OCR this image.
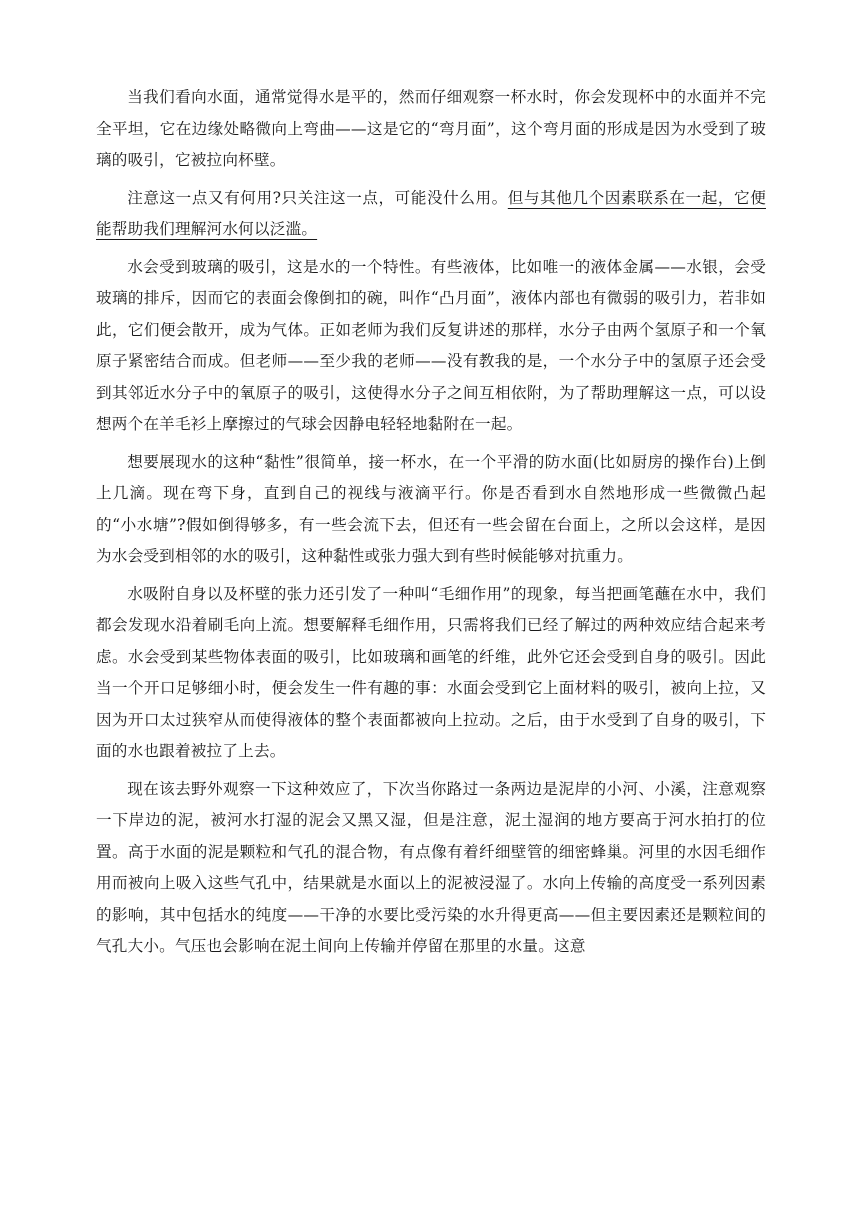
当我们看向水面，通常觉得水是平的，然而仔细观察一杯水时，你会发现杯中的水面并不完全平坦，它在边缘处略微向上弯曲——这是它的“弯月面”，这个弯月面的形成是因为水受到了玻璃的吸引，它被拉向杯壁。

注意这一点又有何用?只关注这一点，可能没什么用。但与其他几个因素联系在一起，它便能帮助我们理解河水何以泛滥。

水会受到玻璃的吸引，这是水的一个特性。有些液体，比如唯一的液体金属——水银，会受玻璃的排斥，因而它的表面会像倒扣的碗，叫作“凸月面”，液体内部也有微弱的吸引力，若非如此，它们便会散开，成为气体。正如老师为我们反复讲述的那样，水分子由两个氢原子和一个氧原子紧密结合而成。但老师——至少我的老师——没有教我的是，一个水分子中的氢原子还会受到其邻近水分子中的氧原子的吸引，这使得水分子之间互相依附，为了帮助理解这一点，可以设想两个在羊毛衫上摩擦过的气球会因静电轻轻地黏附在一起。

想要展现水的这种“黏性”很简单，接一杯水，在一个平滑的防水面(比如厨房的操作台)上倒上几滴。现在弯下身，直到自己的视线与液滴平行。你是否看到水自然地形成一些微微凸起的“小水塘”?假如倒得够多，有一些会流下去，但还有一些会留在台面上，之所以会这样，是因为水会受到相邻的水的吸引，这种黏性或张力强大到有些时候能够对抗重力。

水吸附自身以及杯壁的张力还引发了一种叫“毛细作用”的现象，每当把画笔蘸在水中，我们都会发现水沿着刷毛向上流。想要解释毛细作用，只需将我们已经了解过的两种效应结合起来考虑。水会受到某些物体表面的吸引，比如玻璃和画笔的纤维，此外它还会受到自身的吸引。因此当一个开口足够细小时，便会发生一件有趣的事：水面会受到它上面材料的吸引，被向上拉，又因为开口太过狭窄从而使得液体的整个表面都被向上拉动。之后，由于水受到了自身的吸引，下面的水也跟着被拉了上去。

现在该去野外观察一下这种效应了，下次当你路过一条两边是泥岸的小河、小溪，注意观察一下岸边的泥，被河水打湿的泥会又黑又湿，但是注意，泥土湿润的地方要高于河水拍打的位置。高于水面的泥是颗粒和气孔的混合物，有点像有着纤细壁管的细密蜂巢。河里的水因毛细作用而被向上吸入这些气孔中，结果就是水面以上的泥被浸湿了。水向上传输的高度受一系列因素的影响，其中包括水的纯度——干净的水要比受污染的水升得更高——但主要因素还是颗粒间的气孔大小。气压也会影响在泥土间向上传输并停留在那里的水量。这意
